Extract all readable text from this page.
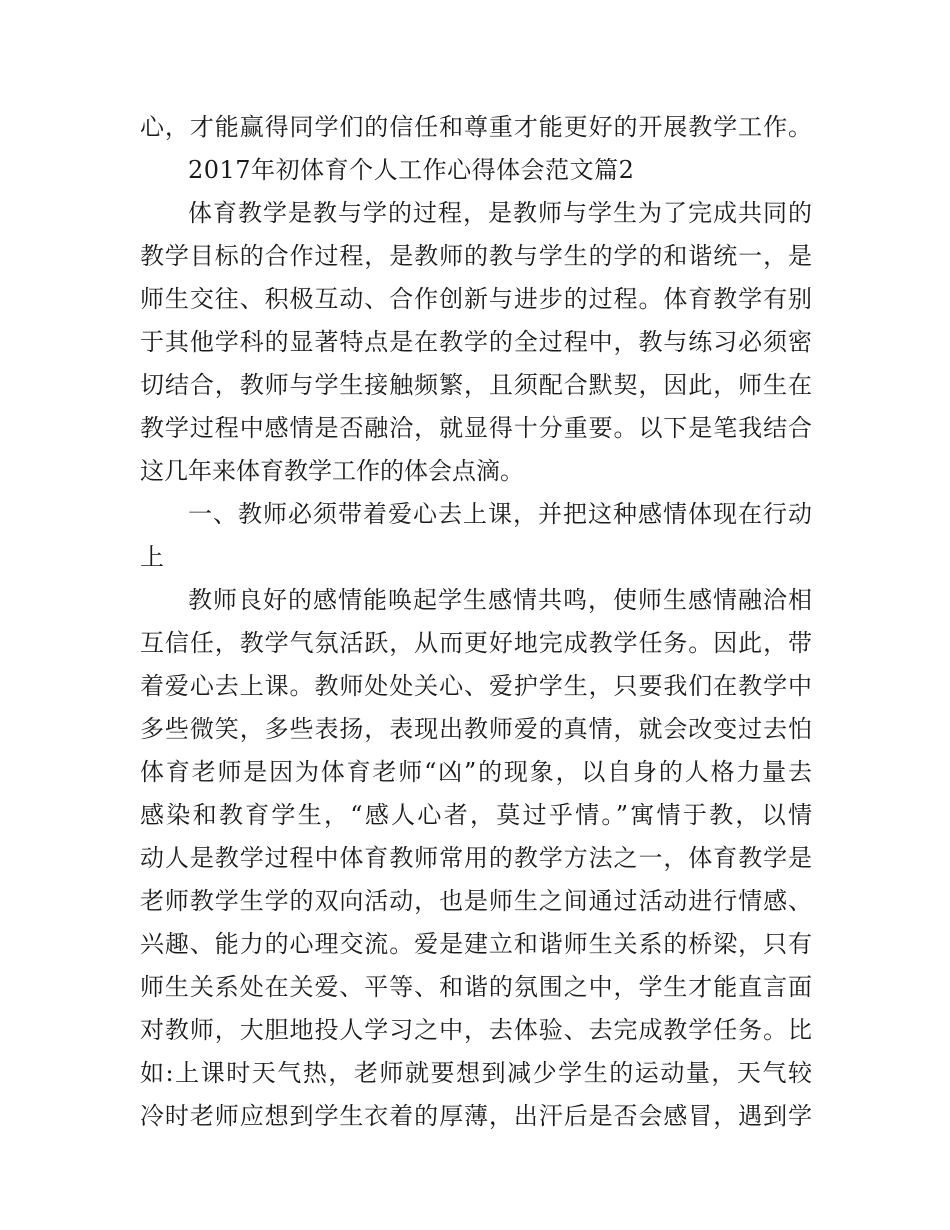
心，才能赢得同学们的信任和尊重才能更好的开展教学工作。
2017年初体育个人工作心得体会范文篇2
体育教学是教与学的过程，是教师与学生为了完成共同的
教学目标的合作过程，是教师的教与学生的学的和谐统一，是
师生交往、积极互动、合作创新与进步的过程。体育教学有别
于其他学科的显著特点是在教学的全过程中，教与练习必须密
切结合，教师与学生接触频繁，且须配合默契，因此，师生在
教学过程中感情是否融洽，就显得十分重要。以下是笔我结合
这几年来体育教学工作的体会点滴。
一、教师必须带着爱心去上课，并把这种感情体现在行动
上
教师良好的感情能唤起学生感情共鸣，使师生感情融洽相
互信任，教学气氛活跃，从而更好地完成教学任务。因此，带
着爱心去上课。教师处处关心、爱护学生，只要我们在教学中
多些微笑，多些表扬，表现出教师爱的真情，就会改变过去怕
体育老师是因为体育老师“凶”的现象，以自身的人格力量去
感染和教育学生，“感人心者，莫过乎情。”寓情于教，以情
动人是教学过程中体育教师常用的教学方法之一，体育教学是
老师教学生学的双向活动，也是师生之间通过活动进行情感、
兴趣、能力的心理交流。爱是建立和谐师生关系的桥梁，只有
师生关系处在关爱、平等、和谐的氛围之中，学生才能直言面
对教师，大胆地投人学习之中，去体验、去完成教学任务。比
如:上课时天气热，老师就要想到减少学生的运动量，天气较
冷时老师应想到学生衣着的厚薄，出汗后是否会感冒，遇到学
